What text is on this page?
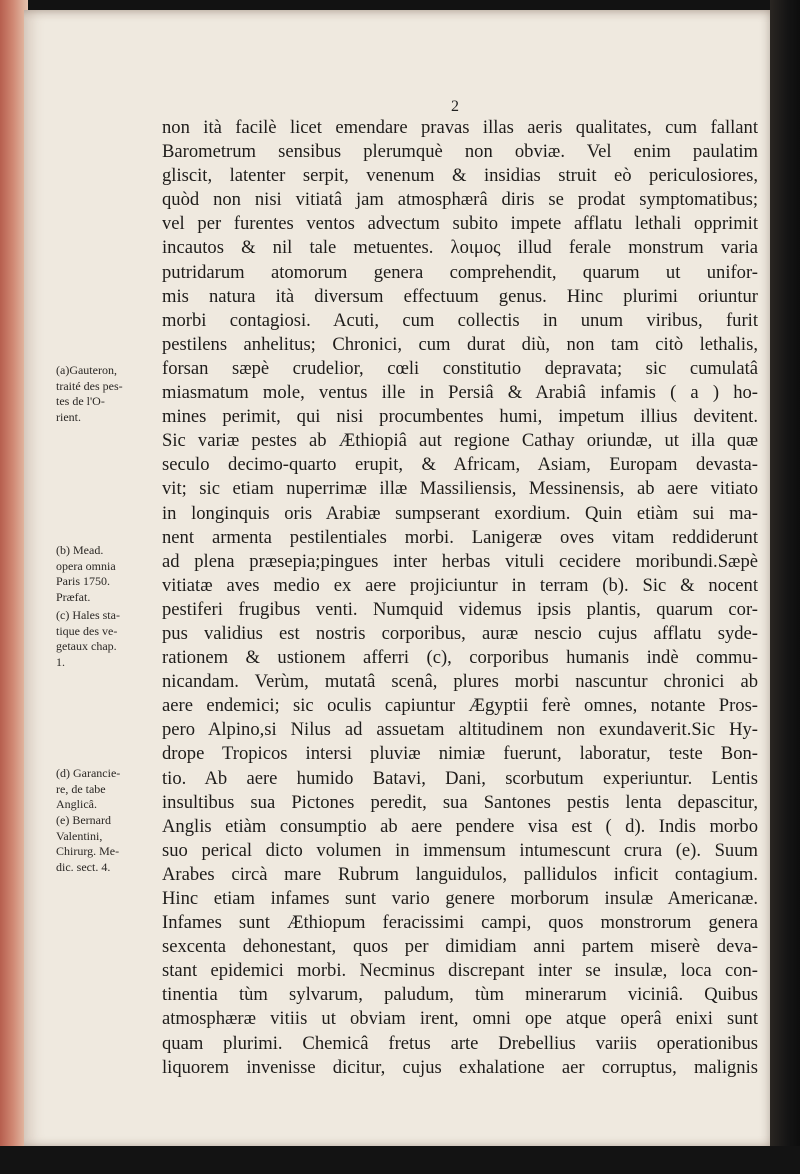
2
non ità facilè licet emendare pravas illas aeris qualitates, cum fallant
Barometrum sensibus plerumquè non obviæ. Vel enim paulatim
gliscit, latenter serpit, venenum & insidias struit eò periculosiores,
quòd non nisi vitiatâ jam atmosphærâ diris se prodat symptomatibus;
vel per furentes ventos advectum subito impete afflatu lethali opprimit
incautos & nil tale metuentes. λοιμος illud ferale monstrum varia
putridarum atomorum genera comprehendit, quarum ut unifor-
mis natura ità diversum effectuum genus. Hinc plurimi oriuntur
morbi contagiosi. Acuti, cum collectis in unum viribus, furit
pestilens anhelitus; Chronici, cum durat diù, non tam citò lethalis,
forsan sæpè crudelior, cœli constitutio depravata; sic cumulatâ
miasmatum mole, ventus ille in Persiâ & Arabiâ infamis ( a ) ho-
mines perimit, qui nisi procumbentes humi, impetum illius devitent.
Sic variæ pestes ab Æthiopiâ aut regione Cathay oriundæ, ut illa quæ
seculo decimo-quarto erupit, & Africam, Asiam, Europam devasta-
vit; sic etiam nuperrimæ illæ Massiliensis, Messinensis, ab aere vitiato
in longinquis oris Arabiæ sumpserant exordium. Quin etiàm sui ma-
nent armenta pestilentiales morbi. Lanigeræ oves vitam reddiderunt
ad plena præsepia;pingues inter herbas vituli cecidere moribundi.Sæpè
vitiatæ aves medio ex aere projiciuntur in terram (b). Sic & nocent
pestiferi frugibus venti. Numquid videmus ipsis plantis, quarum cor-
pus validius est nostris corporibus, auræ nescio cujus afflatu syde-
rationem & ustionem afferri (c), corporibus humanis indè commu-
nicandam. Verùm, mutatâ scenâ, plures morbi nascuntur chronici ab
aere endemici; sic oculis capiuntur Ægyptii ferè omnes, notante Pros-
pero Alpino,si Nilus ad assuetam altitudinem non exundaverit.Sic Hy-
drope Tropicos intersi pluviæ nimiæ fuerunt, laboratur, teste Bon-
tio. Ab aere humido Batavi, Dani, scorbutum experiuntur. Lentis
insultibus sua Pictones peredit, sua Santones pestis lenta depascitur,
Anglis etiàm consumptio ab aere pendere visa est ( d). Indis morbo
suo perical dicto volumen in immensum intumescunt crura (e). Suum
Arabes circà mare Rubrum languidulos, pallidulos inficit contagium.
Hinc etiam infames sunt vario genere morborum insulæ Americanæ.
Infames sunt Æthiopum feracissimi campi, quos monstrorum genera
sexcenta dehonestant, quos per dimidiam anni partem miserè deva-
stant epidemici morbi. Necminus discrepant inter se insulæ, loca con-
tinentia tùm sylvarum, paludum, tùm minerarum viciniâ. Quibus
atmosphæræ vitiis ut obviam irent, omni ope atque operâ enixi sunt
quam plurimi. Chemicâ fretus arte Drebellius variis operationibus
liquorem invenisse dicitur, cujus exhalatione aer corruptus, malignis
(a)Gauteron,
traité des pes-
tes de l'O-
rient.
(b) Mead.
opera omnia
Paris 1750.
Præfat.
(c) Hales sta-
tique des ve-
getaux chap.
1.
(d) Garancie-
re, de tabe
Anglicâ.
(e) Bernard
Valentini,
Chirurg. Me-
dic. sect. 4.
